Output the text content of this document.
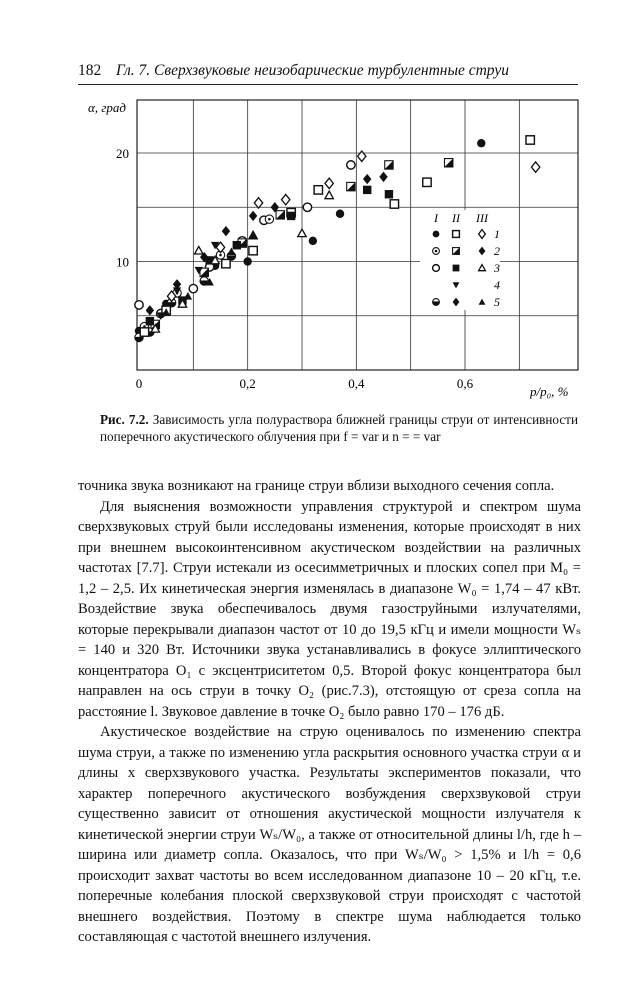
182 Гл. 7. Сверхзвуковые неизобарические турбулентные струи
0	0,2	0,4	0,6
10
20
I II III
1
2
3
4
5
α, град
p/p₀, %
Рис. 7.2. Зависимость угла полураствора ближней границы струи от интенсивности поперечного акустического облучения при f = var и n = = var

точника звука возникают на границе струи вблизи выходного сечения сопла.

Для выяснения возможности управления структурой и спектром шума сверхзвуковых струй были исследованы изменения, которые происходят в них при внешнем высокоинтенсивном акустическом воздействии на различных частотах [7.7]. Струи истекали из осесимметричных и плоских сопел при M₀ = 1,2 – 2,5. Их кинетическая энергия изменялась в диапазоне W₀ = 1,74 – 47 кВт. Воздействие звука обеспечивалось двумя газоструйными излучателями, которые перекрывали диапазон частот от 10 до 19,5 кГц и имели мощности Wₛ = 140 и 320 Вт. Источники звука устанавливались в фокусе эллиптического концентратора O₁ с эксцентриситетом 0,5. Второй фокус концентратора был направлен на ось струи в точку O₂ (рис.7.3), отстоящую от среза сопла на расстояние l. Звуковое давление в точке O₂ было равно 170 – 176 дБ.

Акустическое воздействие на струю оценивалось по изменению спектра шума струи, а также по изменению угла раскрытия основного участка струи α и длины x сверхзвукового участка. Результаты экспериментов показали, что характер поперечного акустического возбуждения сверхзвуковой струи существенно зависит от отношения акустической мощности излучателя к кинетической энергии струи Wₛ/W₀, а также от относительной длины l/h, где h – ширина или диаметр сопла. Оказалось, что при Wₛ/W₀ > 1,5% и l/h = 0,6 происходит захват частоты во всем исследованном диапазоне 10 – 20 кГц, т.е. поперечные колебания плоской сверхзвуковой струи происходят с частотой внешнего воздействия. Поэтому в спектре шума наблюдается только составляющая с частотой внешнего излучения.
